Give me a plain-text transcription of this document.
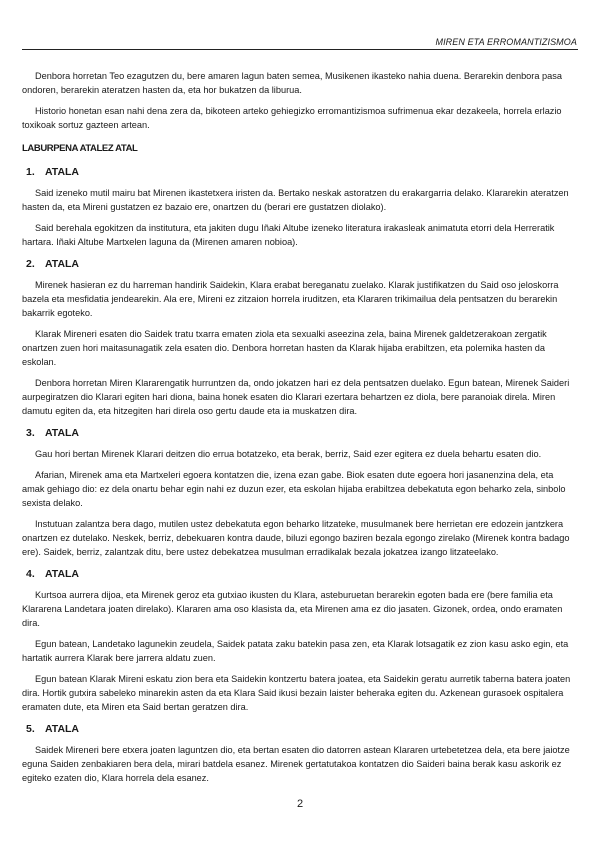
MIREN ETA ERROMANTIZISMOA

Denbora horretan Teo ezagutzen du, bere amaren lagun baten semea, Musikenen ikasteko nahia duena. Berarekin denbora pasa ondoren, berarekin ateratzen hasten da, eta hor bukatzen da liburua.

Historio honetan esan nahi dena zera da, bikoteen arteko gehiegizko erromantizismoa sufrimenua ekar dezakeela, horrela erlazio toxikoak sortuz gazteen artean.

LABURPENA ATALEZ ATAL
1. ATALA

Said izeneko mutil mairu bat Mirenen ikastetxera iristen da. Bertako neskak astoratzen du erakargarria delako. Klararekin ateratzen hasten da, eta Mireni gustatzen ez bazaio ere, onartzen du (berari ere gustatzen diolako).

Said berehala egokitzen da institutura, eta jakiten dugu Iñaki Altube izeneko literatura irakasleak animatuta etorri dela Herreratik hartara. Iñaki Altube Martxelen laguna da (Mirenen amaren nobioa).

2. ATALA

Mirenek hasieran ez du harreman handirik Saidekin, Klara erabat bereganatu zuelako. Klarak justifikatzen du Said oso jeloskorra bazela eta mesfidatia jendearekin. Ala ere, Mireni ez zitzaion horrela iruditzen, eta Klararen trikimailua dela pentsatzen du berarekin bakarrik egoteko.

Klarak Mireneri esaten dio Saidek tratu txarra ematen ziola eta sexualki aseezina zela, baina Mirenek galdetzerakoan zergatik onartzen zuen hori maitasunagatik zela esaten dio. Denbora horretan hasten da Klarak hijaba erabiltzen, eta polemika hasten da eskolan.

Denbora horretan Miren Klararengatik hurruntzen da, ondo jokatzen hari ez dela pentsatzen duelako. Egun batean, Mirenek Saideri aurpegiratzen dio Klarari egiten hari diona, baina honek esaten dio Klarari ezertara behartzen ez diola, bere paranoiak direla. Miren damutu egiten da, eta hitzegiten hari direla oso gertu daude eta ia muskatzen dira.

3. ATALA

Gau hori bertan Mirenek Klarari deitzen dio errua botatzeko, eta berak, berriz, Said ezer egitera ez duela behartu esaten dio.

Afarian, Mirenek ama eta Martxeleri egoera kontatzen die, izena ezan gabe. Biok esaten dute egoera hori jasanenzina dela, eta amak gehiago dio: ez dela onartu behar egin nahi ez duzun ezer, eta eskolan hijaba erabiltzea debekatuta egon beharko zela, sinbolo sexista delako.

Instutuan zalantza bera dago, mutilen ustez debekatuta egon beharko litzateke, musulmanek bere herrietan ere edozein jantzkera onartzen ez dutelako. Neskek, berriz, debekuaren kontra daude, biluzi egongo baziren bezala egongo zirelako (Mirenek kontra badago ere). Saidek, berriz, zalantzak ditu, bere ustez debekatzea musulman erradikalak bezala jokatzea izango litzateelako.

4. ATALA

Kurtsoa aurrera dijoa, eta Mirenek geroz eta gutxiao ikusten du Klara, asteburuetan berarekin egoten bada ere (bere familia eta Klararena Landetara joaten direlako). Klararen ama oso klasista da, eta Mirenen ama ez dio jasaten. Gizonek, ordea, ondo eramaten dira.

Egun batean, Landetako lagunekin zeudela, Saidek patata zaku batekin pasa zen, eta Klarak lotsagatik ez zion kasu asko egin, eta hartatik aurrera Klarak bere jarrera aldatu zuen.

Egun batean Klarak Mireni eskatu zion bera eta Saidekin kontzertu batera joatea, eta Saidekin geratu aurretik taberna batera joaten dira. Hortik gutxira sabeleko minarekin asten da eta Klara Said ikusi bezain laister beheraka egiten du. Azkenean gurasoek ospitalera eramaten dute, eta Miren eta Said bertan geratzen dira.

5. ATALA

Saidek Mireneri bere etxera joaten laguntzen dio, eta bertan esaten dio datorren astean Klararen urtebetetzea dela, eta bere jaiotze eguna Saiden zenbakiaren bera dela, mirari batdela esanez. Mirenek gertatutakoa kontatzen dio Saideri baina berak kasu askorik ez egiteko ezaten dio, Klara horrela dela esanez.

2
